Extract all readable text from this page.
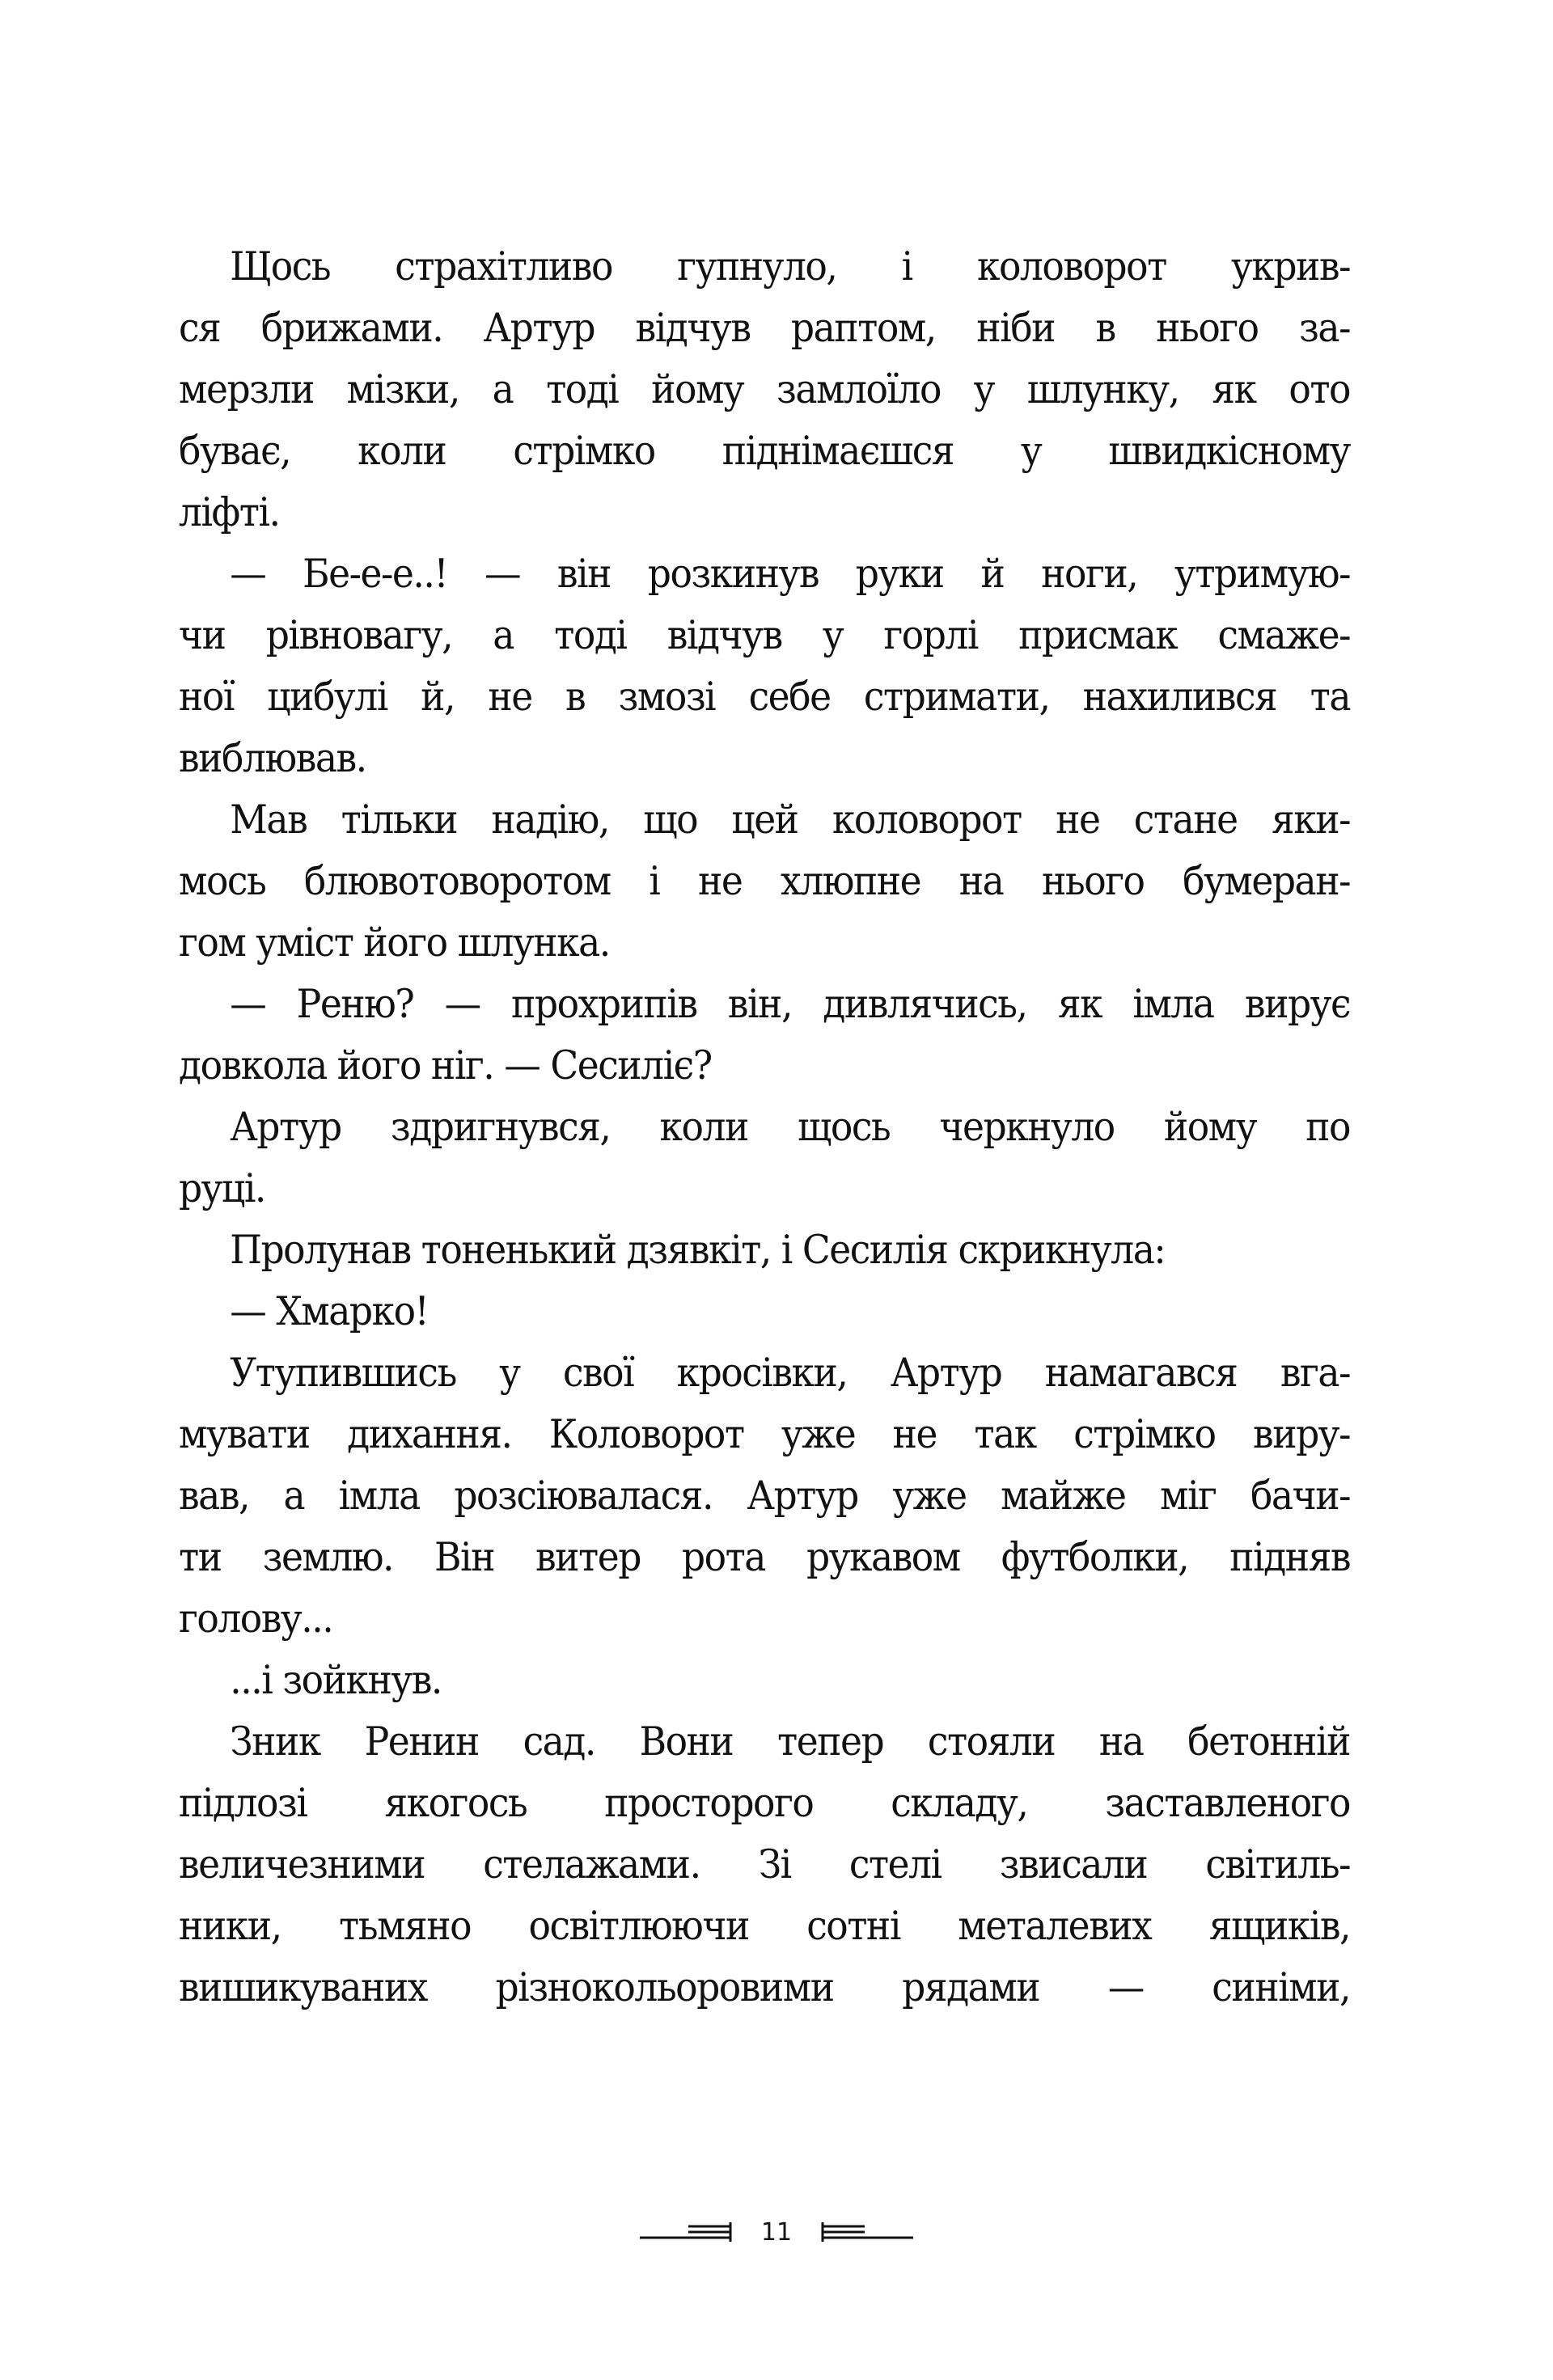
Щось страхітливо гупнуло, і коловорот укрив-
ся брижами. Артур відчув раптом, ніби в нього за-
мерзли мізки, а тоді йому замлоїло у шлунку, як ото
буває, коли стрімко піднімаєшся у швидкісному
ліфті.
— Бе-е-е..! — він розкинув руки й ноги, утримую-
чи рівновагу, а тоді відчув у горлі присмак смаже-
ної цибулі й, не в змозі себе стримати, нахилився та
виблював.
Мав тільки надію, що цей коловорот не стане яки-
мось блювотоворотом і не хлюпне на нього бумеран-
гом уміст його шлунка.
— Реню? — прохрипів він, дивлячись, як імла вирує
довкола його ніг. — Сесиліє?
Артур здригнувся, коли щось черкнуло йому по
руці.
Пролунав тоненький дзявкіт, і Сесилія скрикнула:
— Хмарко!
Утупившись у свої кросівки, Артур намагався вга-
мувати дихання. Коловорот уже не так стрімко виру-
вав, а імла розсіювалася. Артур уже майже міг бачи-
ти землю. Він витер рота рукавом футболки, підняв
голову...
...і зойкнув.
Зник Ренин сад. Вони тепер стояли на бетонній
підлозі якогось просторого складу, заставленого
величезними стелажами. Зі стелі звисали світиль-
ники, тьмяно освітлюючи сотні металевих ящиків,
вишикуваних різнокольоровими рядами — синіми,
11
